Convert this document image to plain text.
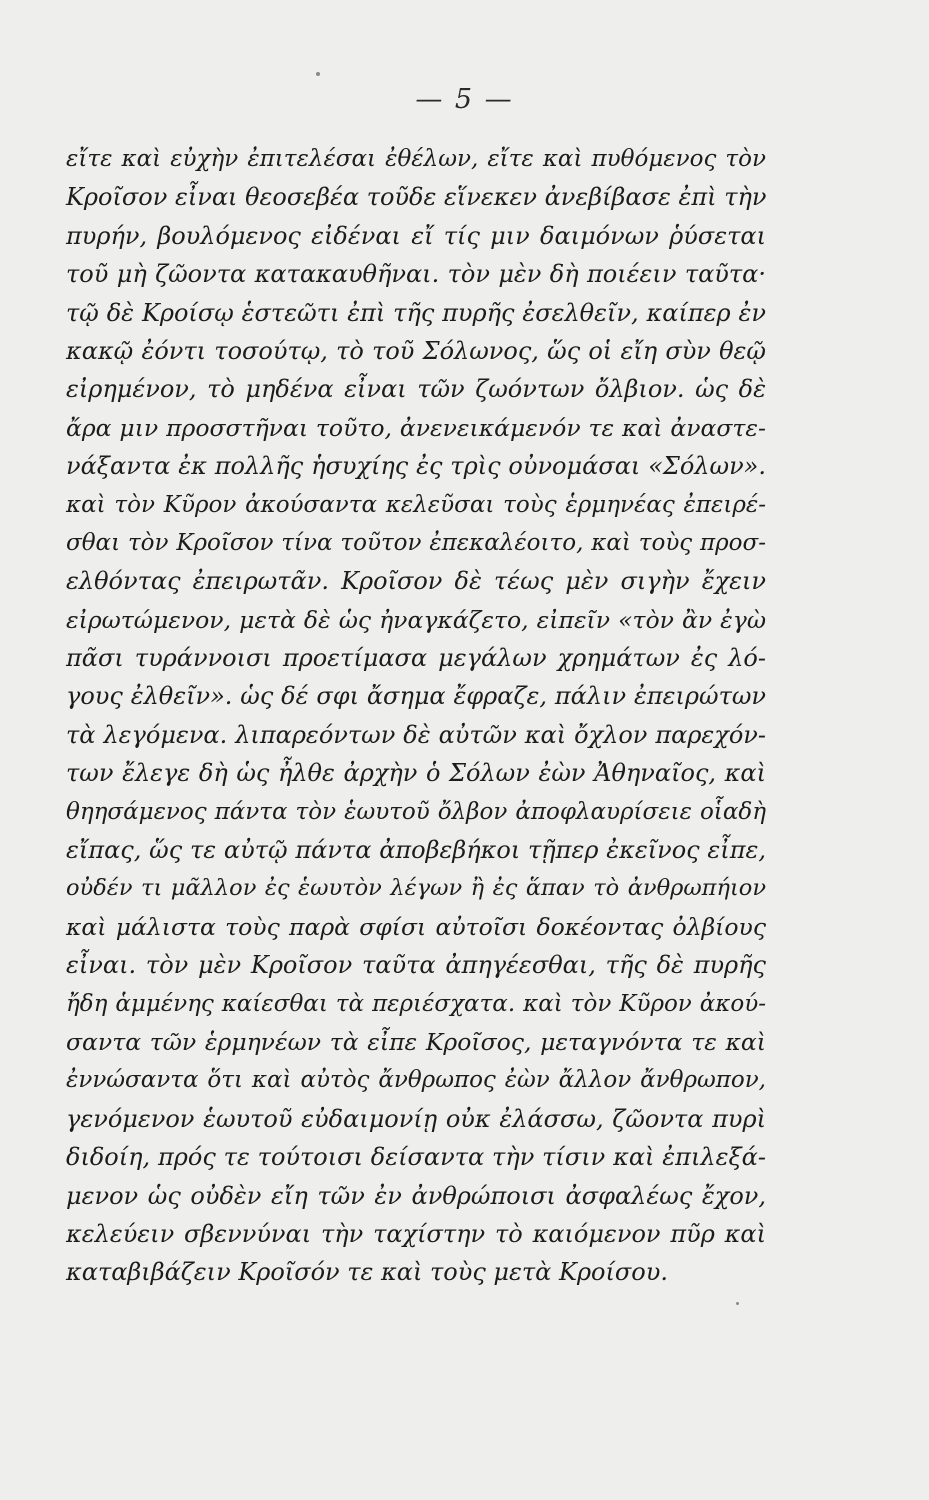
— 5 —
εἴτε καὶ εὐχὴν ἐπιτελέσαι ἐθέλων, εἴτε καὶ πυθόμενος τὸν
Κροῖσον εἶναι θεοσεβέα τοῦδε εἵνεκεν ἀνεβίβασε ἐπὶ τὴν
πυρήν, βουλόμενος εἰδέναι εἴ τίς μιν δαιμόνων ῥύσεται
τοῦ μὴ ζῶοντα κατακαυθῆναι. τὸν μὲν δὴ ποιέειν ταῦτα·
τῷ δὲ Κροίσῳ ἑστεῶτι ἐπὶ τῆς πυρῆς ἐσελθεῖν, καίπερ ἐν
κακῷ ἐόντι τοσούτῳ, τὸ τοῦ Σόλωνος, ὥς οἱ εἴη σὺν θεῷ
εἰρημένον, τὸ μηδένα εἶναι τῶν ζωόντων ὄλβιον. ὡς δὲ
ἄρα μιν προσστῆναι τοῦτο, ἀνενεικάμενόν τε καὶ ἀναστε-
νάξαντα ἐκ πολλῆς ἡσυχίης ἐς τρὶς οὐνομάσαι «Σόλων».
καὶ τὸν Κῦρον ἀκούσαντα κελεῦσαι τοὺς ἑρμηνέας ἐπειρέ-
σθαι τὸν Κροῖσον τίνα τοῦτον ἐπεκαλέοιτο, καὶ τοὺς προσ-
ελθόντας ἐπειρωτᾶν. Κροῖσον δὲ τέως μὲν σιγὴν ἔχειν
εἰρωτώμενον, μετὰ δὲ ὡς ἠναγκάζετο, εἰπεῖν «τὸν ἂν ἐγὼ
πᾶσι τυράννοισι προετίμασα μεγάλων χρημάτων ἐς λό-
γους ἐλθεῖν». ὡς δέ σφι ἄσημα ἔφραζε, πάλιν ἐπειρώτων
τὰ λεγόμενα. λιπαρεόντων δὲ αὐτῶν καὶ ὄχλον παρεχόν-
των ἔλεγε δὴ ὡς ἦλθε ἀρχὴν ὁ Σόλων ἐὼν Ἀθηναῖος, καὶ
θηησάμενος πάντα τὸν ἑωυτοῦ ὄλβον ἀποφλαυρίσειε οἷαδὴ
εἴπας, ὥς τε αὐτῷ πάντα ἀποβεβήκοι τῇπερ ἐκεῖνος εἶπε,
οὐδέν τι μᾶλλον ἐς ἑωυτὸν λέγων ἢ ἐς ἅπαν τὸ ἀνθρωπήιον
καὶ μάλιστα τοὺς παρὰ σφίσι αὐτοῖσι δοκέοντας ὀλβίους
εἶναι. τὸν μὲν Κροῖσον ταῦτα ἀπηγέεσθαι, τῆς δὲ πυρῆς
ἤδη ἁμμένης καίεσθαι τὰ περιέσχατα. καὶ τὸν Κῦρον ἀκού-
σαντα τῶν ἑρμηνέων τὰ εἶπε Κροῖσος, μεταγνόντα τε καὶ
ἐννώσαντα ὅτι καὶ αὐτὸς ἄνθρωπος ἐὼν ἄλλον ἄνθρωπον,
γενόμενον ἑωυτοῦ εὐδαιμονίῃ οὐκ ἐλάσσω, ζῶοντα πυρὶ
διδοίη, πρός τε τούτοισι δείσαντα τὴν τίσιν καὶ ἐπιλεξά-
μενον ὡς οὐδὲν εἴη τῶν ἐν ἀνθρώποισι ἀσφαλέως ἔχον,
κελεύειν σβεννύναι τὴν ταχίστην τὸ καιόμενον πῦρ καὶ
καταβιβάζειν Κροῖσόν τε καὶ τοὺς μετὰ Κροίσου.
